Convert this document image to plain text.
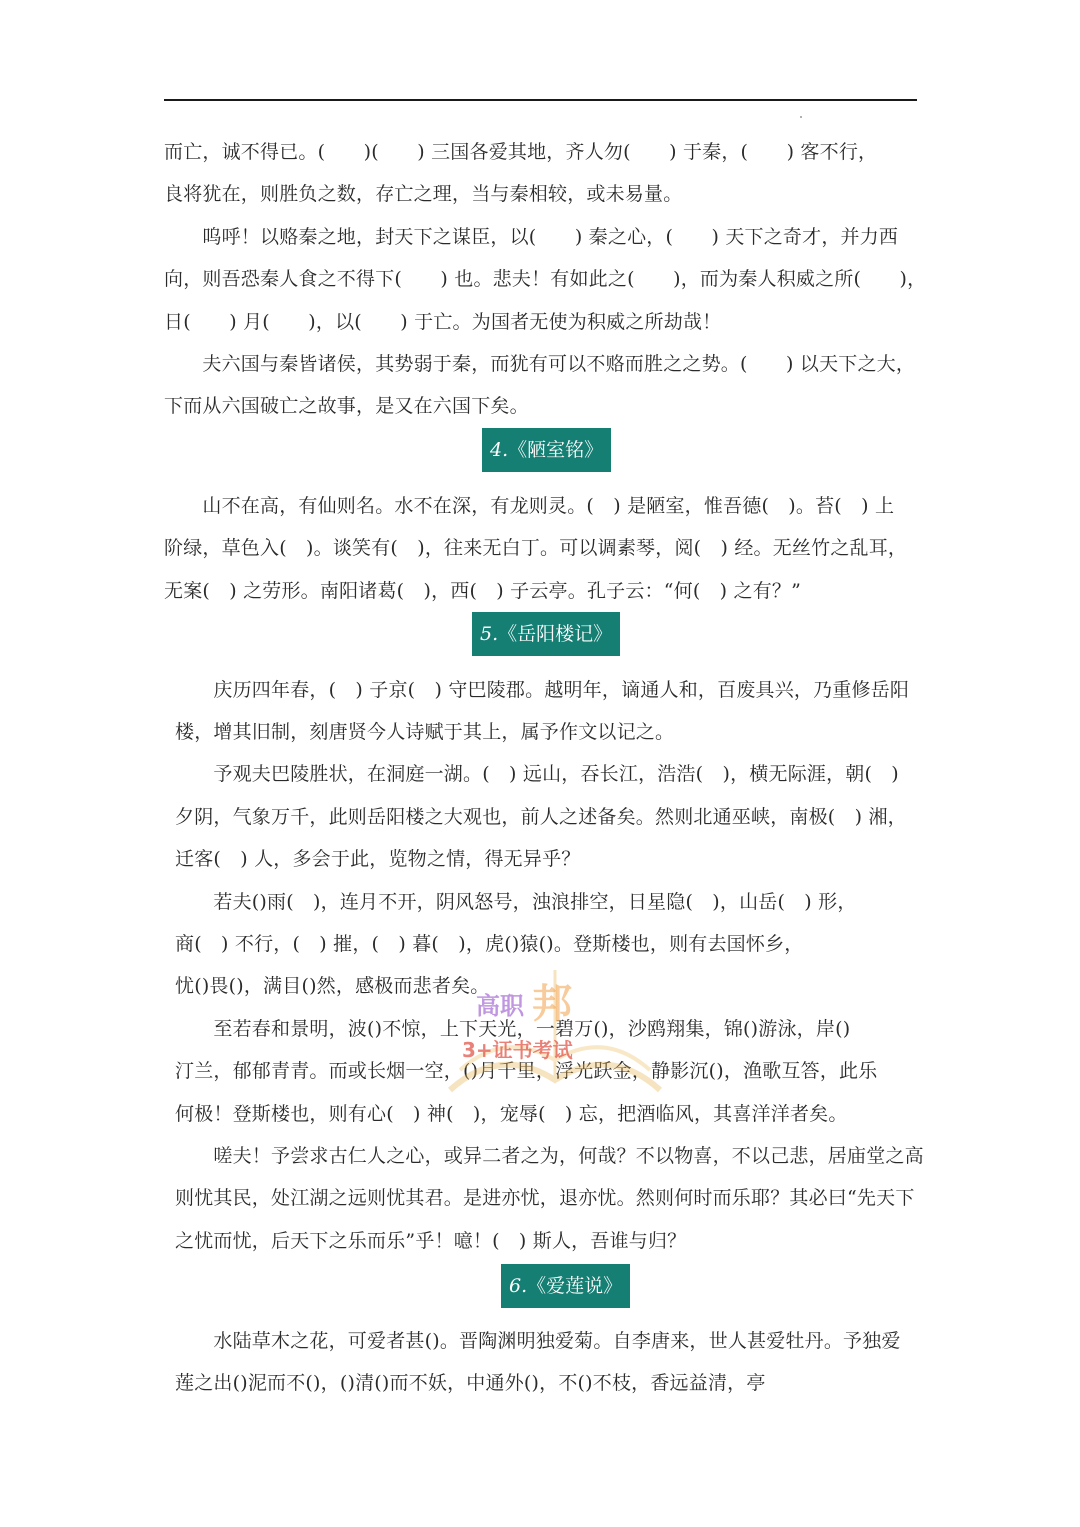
而亡，诚不得已。(　　)(　　) 三国各爱其地，齐人勿(　　) 于秦，(　　) 客不行，
良将犹在，则胜负之数，存亡之理，当与秦相较，或未易量。
　　呜呼！以赂秦之地，封天下之谋臣，以(　　) 秦之心，(　　) 天下之奇才，并力西
向，则吾恐秦人食之不得下(　　) 也。悲夫！有如此之(　　)，而为秦人积威之所(　　)，
日(　　) 月(　　)，以(　　) 于亡。为国者无使为积威之所劫哉！
　　夫六国与秦皆诸侯，其势弱于秦，而犹有可以不赂而胜之之势。(　　) 以天下之大，
下而从六国破亡之故事，是又在六国下矣。
4.《陋室铭》
　　山不在高，有仙则名。水不在深，有龙则灵。(　) 是陋室，惟吾德(　)。苔(　) 上
阶绿，草色入(　)。谈笑有(　)，往来无白丁。可以调素琴，阅(　) 经。无丝竹之乱耳，
无案(　) 之劳形。南阳诸葛(　)，西(　) 子云亭。孔子云：“何(　) 之有？”
5.《岳阳楼记》
　　庆历四年春，(　) 子京(　) 守巴陵郡。越明年，谪通人和，百废具兴，乃重修岳阳
楼，增其旧制，刻唐贤今人诗赋于其上，属予作文以记之。
　　予观夫巴陵胜状，在洞庭一湖。(　) 远山，吞长江，浩浩(　)，横无际涯，朝(　)
夕阴，气象万千，此则岳阳楼之大观也，前人之述备矣。然则北通巫峡，南极(　) 湘，
迁客(　) 人，多会于此，览物之情，得无异乎？
　　若夫()雨(　)，连月不开，阴风怒号，浊浪排空，日星隐(　)，山岳(　) 形，
商(　) 不行，(　) 摧，(　) 暮(　)，虎()猿()。登斯楼也，则有去国怀乡，
忧()畏()，满目()然，感极而悲者矣。
　　至若春和景明，波()不惊，上下天光，一碧万()，沙鸥翔集，锦()游泳，岸()
汀兰，郁郁青青。而或长烟一空，()月千里，浮光跃金，静影沉()，渔歌互答，此乐
何极！登斯楼也，则有心(　) 神(　)，宠辱(　) 忘，把酒临风，其喜洋洋者矣。
　　嗟夫！予尝求古仁人之心，或异二者之为，何哉？不以物喜，不以己悲，居庙堂之高
则忧其民，处江湖之远则忧其君。是进亦忧，退亦忧。然则何时而乐耶？其必曰“先天下
之忧而忧，后天下之乐而乐”乎！噫！(　) 斯人，吾谁与归？
6.《爱莲说》
　　水陆草木之花，可爱者甚()。晋陶渊明独爱菊。自李唐来，世人甚爱牡丹。予独爱
莲之出()泥而不()，()清()而不妖，中通外()，不()不枝，香远益清，亭
邦
高职
3+证书考试
